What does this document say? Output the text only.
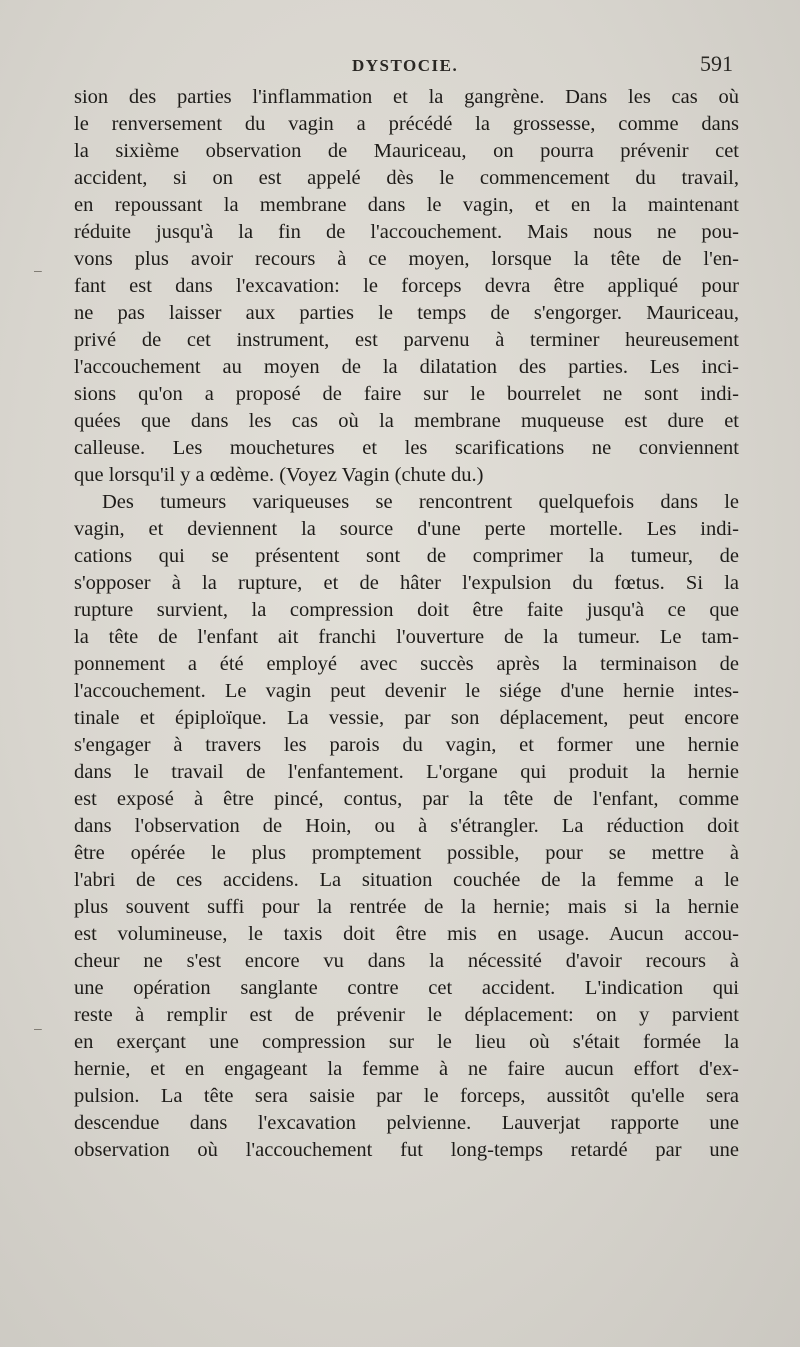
DYSTOCIE.	591
–
–
sion des parties l'inflammation et la gangrène. Dans les cas où
le renversement du vagin a précédé la grossesse, comme dans
la sixième observation de Mauriceau, on pourra prévenir cet
accident, si on est appelé dès le commencement du travail,
en repoussant la membrane dans le vagin, et en la maintenant
réduite jusqu'à la fin de l'accouchement. Mais nous ne pou-
vons plus avoir recours à ce moyen, lorsque la tête de l'en-
fant est dans l'excavation: le forceps devra être appliqué pour
ne pas laisser aux parties le temps de s'engorger. Mauriceau,
privé de cet instrument, est parvenu à terminer heureusement
l'accouchement au moyen de la dilatation des parties. Les inci-
sions qu'on a proposé de faire sur le bourrelet ne sont indi-
quées que dans les cas où la membrane muqueuse est dure et
calleuse. Les mouchetures et les scarifications ne conviennent
que lorsqu'il y a œdème. (Voyez Vagin (chute du.)
Des tumeurs variqueuses se rencontrent quelquefois dans le
vagin, et deviennent la source d'une perte mortelle. Les indi-
cations qui se présentent sont de comprimer la tumeur, de
s'opposer à la rupture, et de hâter l'expulsion du fœtus. Si la
rupture survient, la compression doit être faite jusqu'à ce que
la tête de l'enfant ait franchi l'ouverture de la tumeur. Le tam-
ponnement a été employé avec succès après la terminaison de
l'accouchement. Le vagin peut devenir le siége d'une hernie intes-
tinale et épiploïque. La vessie, par son déplacement, peut encore
s'engager à travers les parois du vagin, et former une hernie
dans le travail de l'enfantement. L'organe qui produit la hernie
est exposé à être pincé, contus, par la tête de l'enfant, comme
dans l'observation de Hoin, ou à s'étrangler. La réduction doit
être opérée le plus promptement possible, pour se mettre à
l'abri de ces accidens. La situation couchée de la femme a le
plus souvent suffi pour la rentrée de la hernie; mais si la hernie
est volumineuse, le taxis doit être mis en usage. Aucun accou-
cheur ne s'est encore vu dans la nécessité d'avoir recours à
une opération sanglante contre cet accident. L'indication qui
reste à remplir est de prévenir le déplacement: on y parvient
en exerçant une compression sur le lieu où s'était formée la
hernie, et en engageant la femme à ne faire aucun effort d'ex-
pulsion. La tête sera saisie par le forceps, aussitôt qu'elle sera
descendue dans l'excavation pelvienne. Lauverjat rapporte une
observation où l'accouchement fut long-temps retardé par une
